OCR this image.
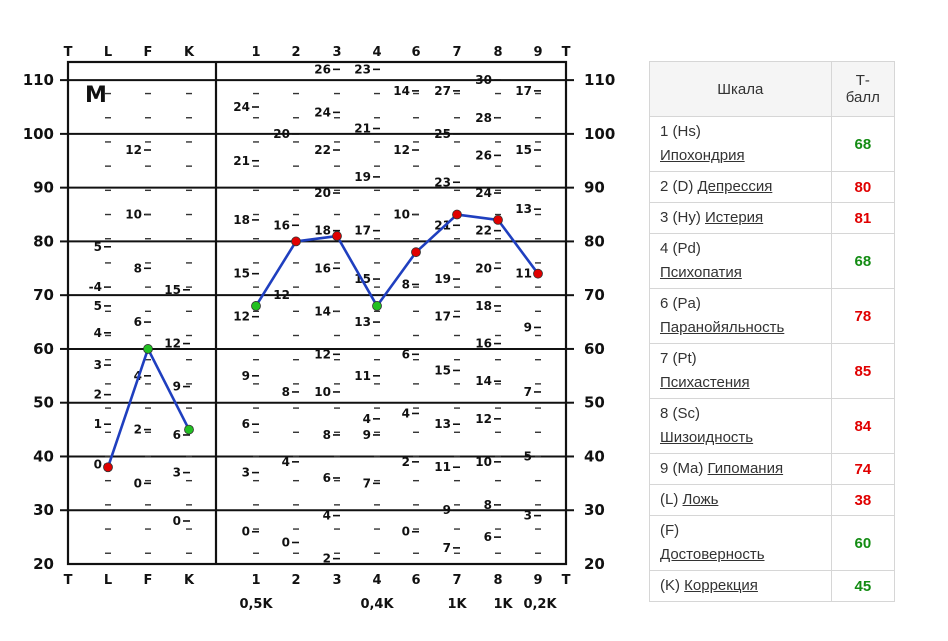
110
100
90
80
70
60
50
40
30
20
110
100
90
80
70
60
50
40
30
20
T L F K	1 2 3 4 6 7 8 9 T
T L F K	1 2 3 4 6 7 8 9 T
0,5K	0,4K	1K 1K 0,2K
M
0
1
2
3
4
5
-4
5
0
2
4
6
8
10
12
0
3
6
9
12
15
0
3
6
9
12
15
18
21
24
0
4
8
12
16
20
2
4
6
8
10
12
14
16
18
20
22
24
26
7
9
11
13
15
17
19
21
23
4
0
2
4
6
8
10
12
14
7
9
11
13
15
17
19
21
23
25
27
6
8
10
12
14
16
18
20
22
24
26
28
30
3
5
7
9
11
13
15
17	Шкала	Т-
балл
1 (Hs)
Ипохондрия	68
2 (D) Депрессия	80
3 (Hy) Истерия	81
4 (Pd)
Психопатия	68
6 (Pa)
Паранойяльность	78
7 (Pt)
Психастения	85
8 (Sc)
Шизоидность	84
9 (Ma) Гипомания	74
(L) Ложь	38
(F)
Достоверность	60
(K) Коррекция	45
